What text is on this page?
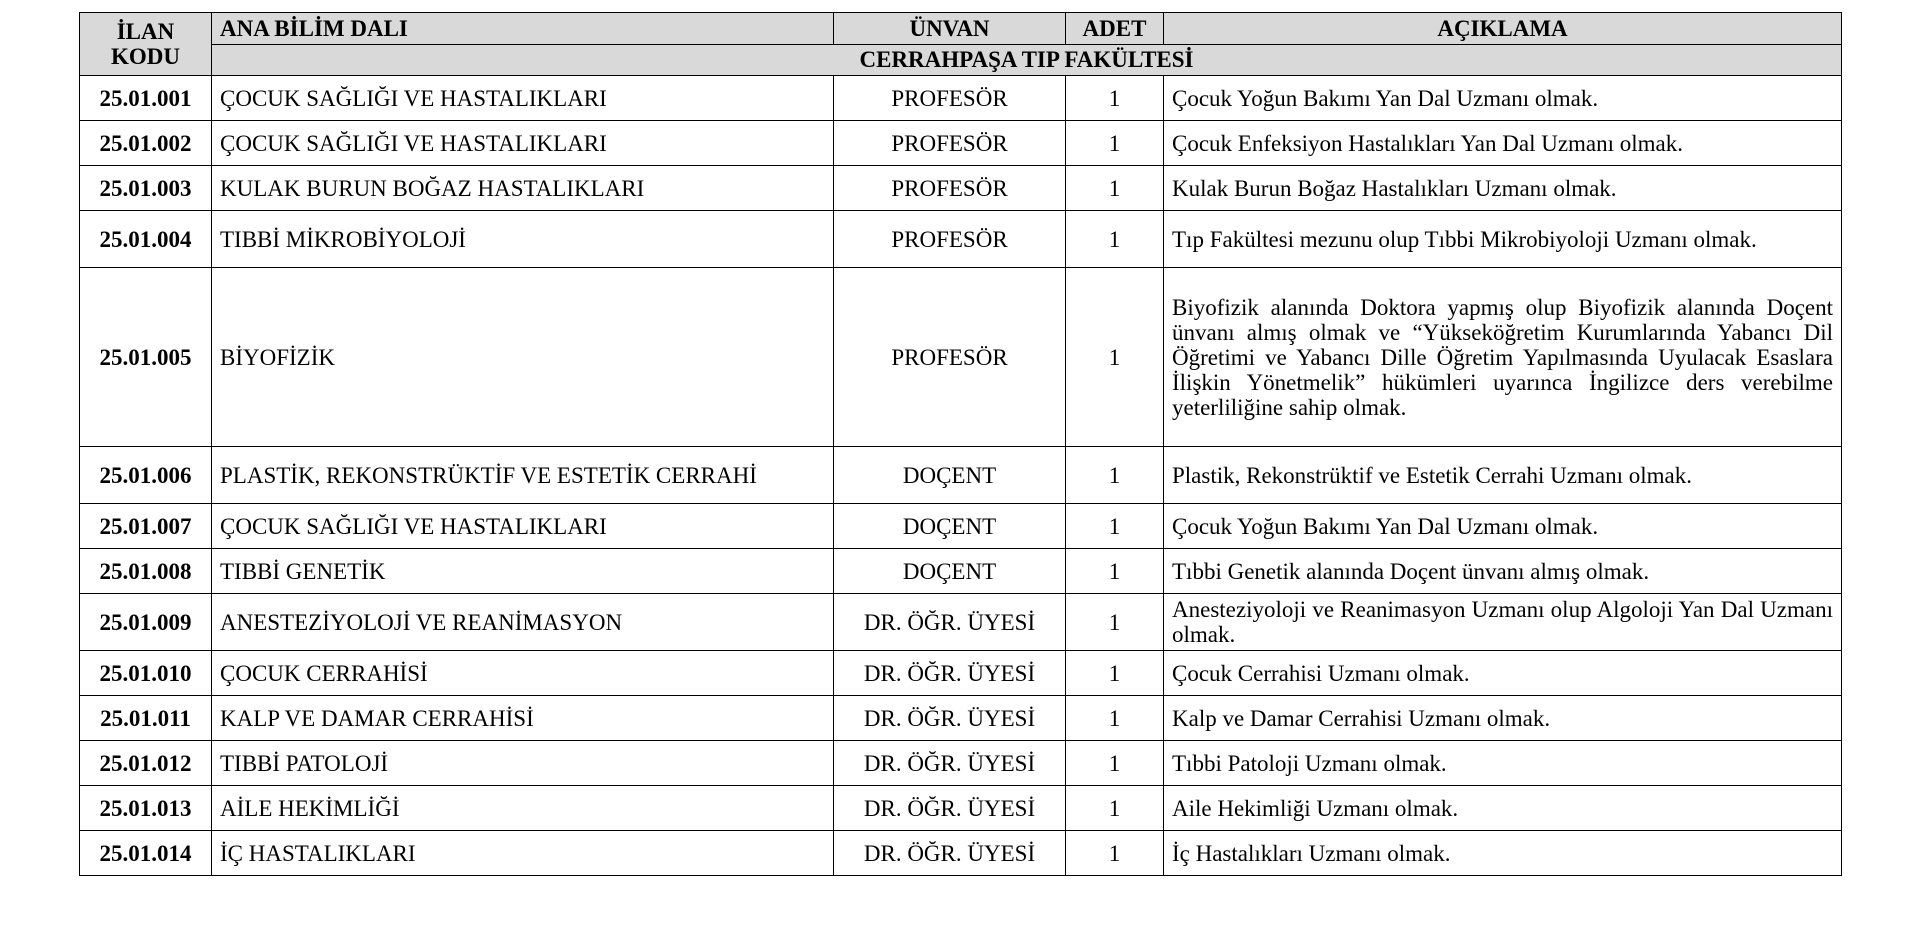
İLAN
KODU	ANA BİLİM DALI	ÜNVAN	ADET	AÇIKLAMA
	CERRAHPAŞA TIP FAKÜLTESİ			
25.01.001	ÇOCUK SAĞLIĞI VE HASTALIKLARI	PROFESÖR	1	Çocuk Yoğun Bakımı Yan Dal Uzmanı olmak.
25.01.002	ÇOCUK SAĞLIĞI VE HASTALIKLARI	PROFESÖR	1	Çocuk Enfeksiyon Hastalıkları Yan Dal Uzmanı olmak.
25.01.003	KULAK BURUN BOĞAZ HASTALIKLARI	PROFESÖR	1	Kulak Burun Boğaz Hastalıkları Uzmanı olmak.
25.01.004	TIBBİ MİKROBİYOLOJİ	PROFESÖR	1	Tıp Fakültesi mezunu olup Tıbbi Mikrobiyoloji Uzmanı olmak.
25.01.005	BİYOFİZİK	PROFESÖR	1	Biyofizik alanında Doktora yapmış olup Biyofizik alanında Doçent ünvanı almış olmak ve “Yükseköğretim Kurumlarında Yabancı Dil Öğretimi ve Yabancı Dille Öğretim Yapılmasında Uyulacak Esaslara İlişkin Yönetmelik” hükümleri uyarınca İngilizce ders verebilme yeterliliğine sahip olmak.
25.01.006	PLASTİK, REKONSTRÜKTİF VE ESTETİK CERRAHİ	DOÇENT	1	Plastik, Rekonstrüktif ve Estetik Cerrahi Uzmanı olmak.
25.01.007	ÇOCUK SAĞLIĞI VE HASTALIKLARI	DOÇENT	1	Çocuk Yoğun Bakımı Yan Dal Uzmanı olmak.
25.01.008	TIBBİ GENETİK	DOÇENT	1	Tıbbi Genetik alanında Doçent ünvanı almış olmak.
25.01.009	ANESTEZİYOLOJİ VE REANİMASYON	DR. ÖĞR. ÜYESİ	1	Anesteziyoloji ve Reanimasyon Uzmanı olup Algoloji Yan Dal Uzmanı olmak.
25.01.010	ÇOCUK CERRAHİSİ	DR. ÖĞR. ÜYESİ	1	Çocuk Cerrahisi Uzmanı olmak.
25.01.011	KALP VE DAMAR CERRAHİSİ	DR. ÖĞR. ÜYESİ	1	Kalp ve Damar Cerrahisi Uzmanı olmak.
25.01.012	TIBBİ PATOLOJİ	DR. ÖĞR. ÜYESİ	1	Tıbbi Patoloji Uzmanı olmak.
25.01.013	AİLE HEKİMLİĞİ	DR. ÖĞR. ÜYESİ	1	Aile Hekimliği Uzmanı olmak.
25.01.014	İÇ HASTALIKLARI	DR. ÖĞR. ÜYESİ	1	İç Hastalıkları Uzmanı olmak.
